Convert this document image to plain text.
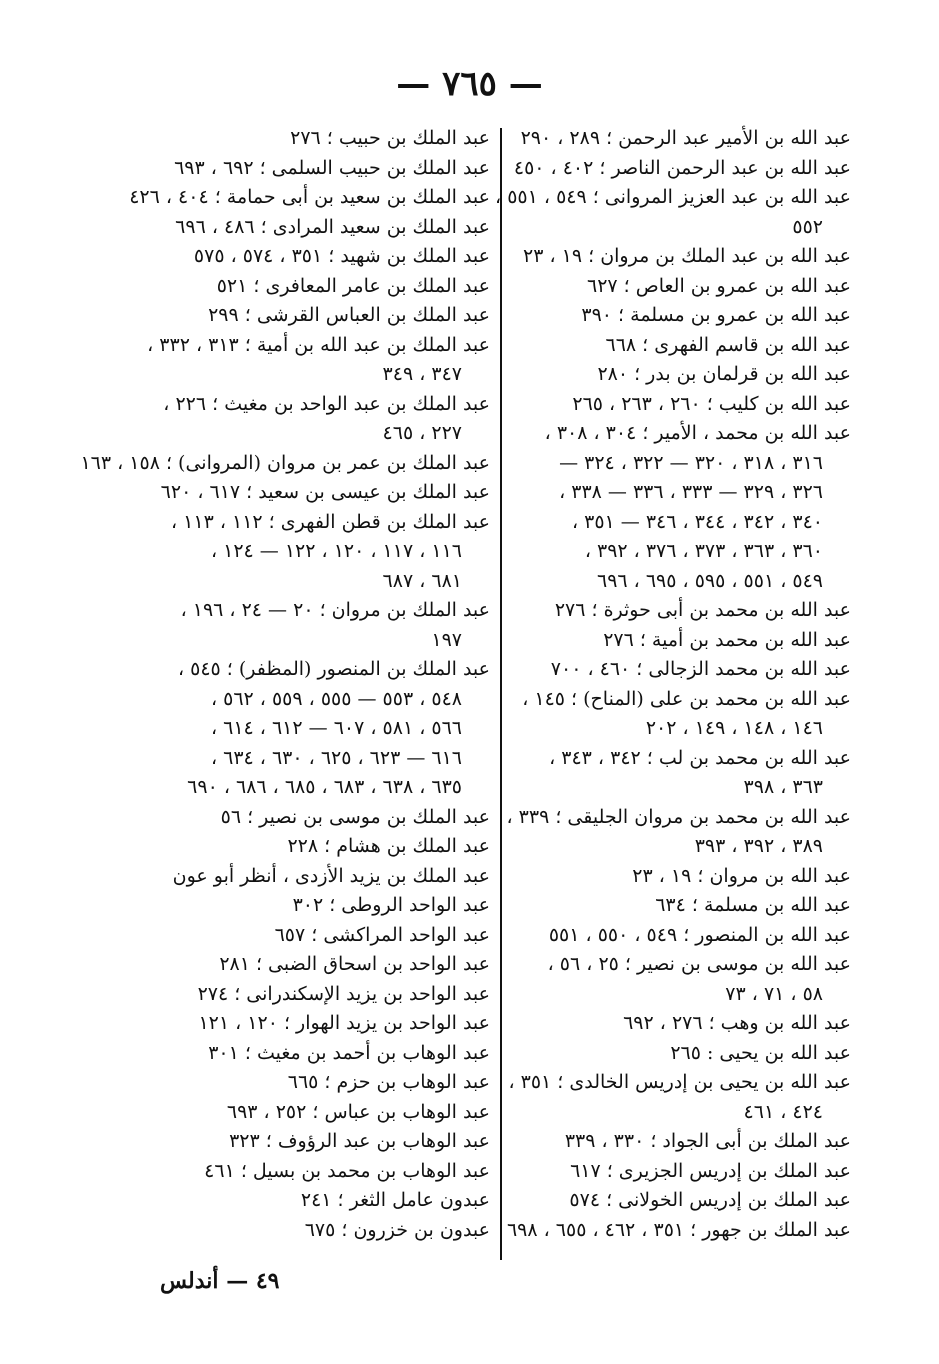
— ٧٦٥ —
عبد الله بن الأمير عبد الرحمن ؛ ٢٨٩ ، ٢٩٠
عبد الله بن عبد الرحمن الناصر ؛ ٤٠٢ ، ٤٥٠
عبد الله بن عبد العزيز المروانى ؛ ٥٤٩ ، ٥٥١ ،
٥٥٢
عبد الله بن عبد الملك بن مروان ؛ ١٩ ، ٢٣
عبد الله بن عمرو بن العاص ؛ ٦٢٧
عبد الله بن عمرو بن مسلمة ؛ ٣٩٠
عبد الله بن قاسم الفهرى ؛ ٦٦٨
عبد الله بن قرلمان بن بدر ؛ ٢٨٠
عبد الله بن كليب ؛ ٢٦٠ ، ٢٦٣ ، ٢٦٥
عبد الله بن محمد ، الأمير ؛ ٣٠٤ ، ٣٠٨ ،
٣١٦ ، ٣١٨ ، ٣٢٠ — ٣٢٢ ، ٣٢٤ —
٣٢٦ ، ٣٢٩ — ٣٣٣ ، ٣٣٦ — ٣٣٨ ،
٣٤٠ ، ٣٤٢ ، ٣٤٤ ، ٣٤٦ — ٣٥١ ،
٣٦٠ ، ٣٦٣ ، ٣٧٣ ، ٣٧٦ ، ٣٩٢ ،
٥٤٩ ، ٥٥١ ، ٥٩٥ ، ٦٩٥ ، ٦٩٦
عبد الله بن محمد بن أبى حوثرة ؛ ٢٧٦
عبد الله بن محمد بن أمية ؛ ٢٧٦
عبد الله بن محمد الزجالى ؛ ٤٦٠ ، ٧٠٠
عبد الله بن محمد بن على (المناح) ؛ ١٤٥ ،
١٤٦ ، ١٤٨ ، ١٤٩ ، ٢٠٢
عبد الله بن محمد بن لب ؛ ٣٤٢ ، ٣٤٣ ،
٣٦٣ ، ٣٩٨
عبد الله بن محمد بن مروان الجليقى ؛ ٣٣٩ ،
٣٨٩ ، ٣٩٢ ، ٣٩٣
عبد الله بن مروان ؛ ١٩ ، ٢٣
عبد الله بن مسلمة ؛ ٦٣٤
عبد الله بن المنصور ؛ ٥٤٩ ، ٥٥٠ ، ٥٥١
عبد الله بن موسى بن نصير ؛ ٢٥ ، ٥٦ ،
٥٨ ، ٧١ ، ٧٣
عبد الله بن وهب ؛ ٢٧٦ ، ٦٩٢
عبد الله بن يحيى : ٢٦٥
عبد الله بن يحيى بن إدريس الخالدى ؛ ٣٥١ ،
٤٢٤ ، ٤٦١
عبد الملك بن أبى الجواد ؛ ٣٣٠ ، ٣٣٩
عبد الملك بن إدريس الجزيرى ؛ ٦١٧
عبد الملك بن إدريس الخولانى ؛ ٥٧٤
عبد الملك بن جهور ؛ ٣٥١ ، ٤٦٢ ، ٦٥٥ ، ٦٩٨
عبد الملك بن حبيب ؛ ٢٧٦
عبد الملك بن حبيب السلمى ؛ ٦٩٢ ، ٦٩٣
عبد الملك بن سعيد بن أبى حمامة ؛ ٤٠٤ ، ٤٢٦
عبد الملك بن سعيد المرادى ؛ ٤٨٦ ، ٦٩٦
عبد الملك بن شهيد ؛ ٣٥١ ، ٥٧٤ ، ٥٧٥
عبد الملك بن عامر المعافرى ؛ ٥٢١
عبد الملك بن العباس القرشى ؛ ٢٩٩
عبد الملك بن عبد الله بن أمية ؛ ٣١٣ ، ٣٣٢ ،
٣٤٧ ، ٣٤٩
عبد الملك بن عبد الواحد بن مغيث ؛ ٢٢٦ ،
٢٢٧ ، ٤٦٥
عبد الملك بن عمر بن مروان (المروانى) ؛ ١٥٨ ، ١٦٣
عبد الملك بن عيسى بن سعيد ؛ ٦١٧ ، ٦٢٠
عبد الملك بن قطن الفهرى ؛ ١١٢ ، ١١٣ ،
١١٦ ، ١١٧ ، ١٢٠ ، ١٢٢ — ١٢٤ ،
٦٨١ ، ٦٨٧
عبد الملك بن مروان ؛ ٢٠ — ٢٤ ، ١٩٦ ،
١٩٧
عبد الملك بن المنصور (المظفر) ؛ ٥٤٥ ،
٥٤٨ ، ٥٥٣ — ٥٥٥ ، ٥٥٩ ، ٥٦٢ ،
٥٦٦ ، ٥٨١ ، ٦٠٧ — ٦١٢ ، ٦١٤ ،
٦١٦ — ٦٢٣ ، ٦٢٥ ، ٦٣٠ ، ٦٣٤ ،
٦٣٥ ، ٦٣٨ ، ٦٨٣ ، ٦٨٥ ، ٦٨٦ ، ٦٩٠
عبد الملك بن موسى بن نصير ؛ ٥٦
عبد الملك بن هشام ؛ ٢٢٨
عبد الملك بن يزيد الأزدى ، أنظر أبو عون
عبد الواحد الروطى ؛ ٣٠٢
عبد الواحد المراكشى ؛ ٦٥٧
عبد الواحد بن اسحاق الضبى ؛ ٢٨١
عبد الواحد بن يزيد الإسكندرانى ؛ ٢٧٤
عبد الواحد بن يزيد الهوار ؛ ١٢٠ ، ١٢١
عبد الوهاب بن أحمد بن مغيث ؛ ٣٠١
عبد الوهاب بن حزم ؛ ٦٦٥
عبد الوهاب بن عباس ؛ ٢٥٢ ، ٦٩٣
عبد الوهاب بن عبد الرؤوف ؛ ٣٢٣
عبد الوهاب بن محمد بن بسيل ؛ ٤٦١
عبدون عامل الثغر ؛ ٢٤١
عبدون بن خزرون ؛ ٦٧٥
٤٩ — أندلس
